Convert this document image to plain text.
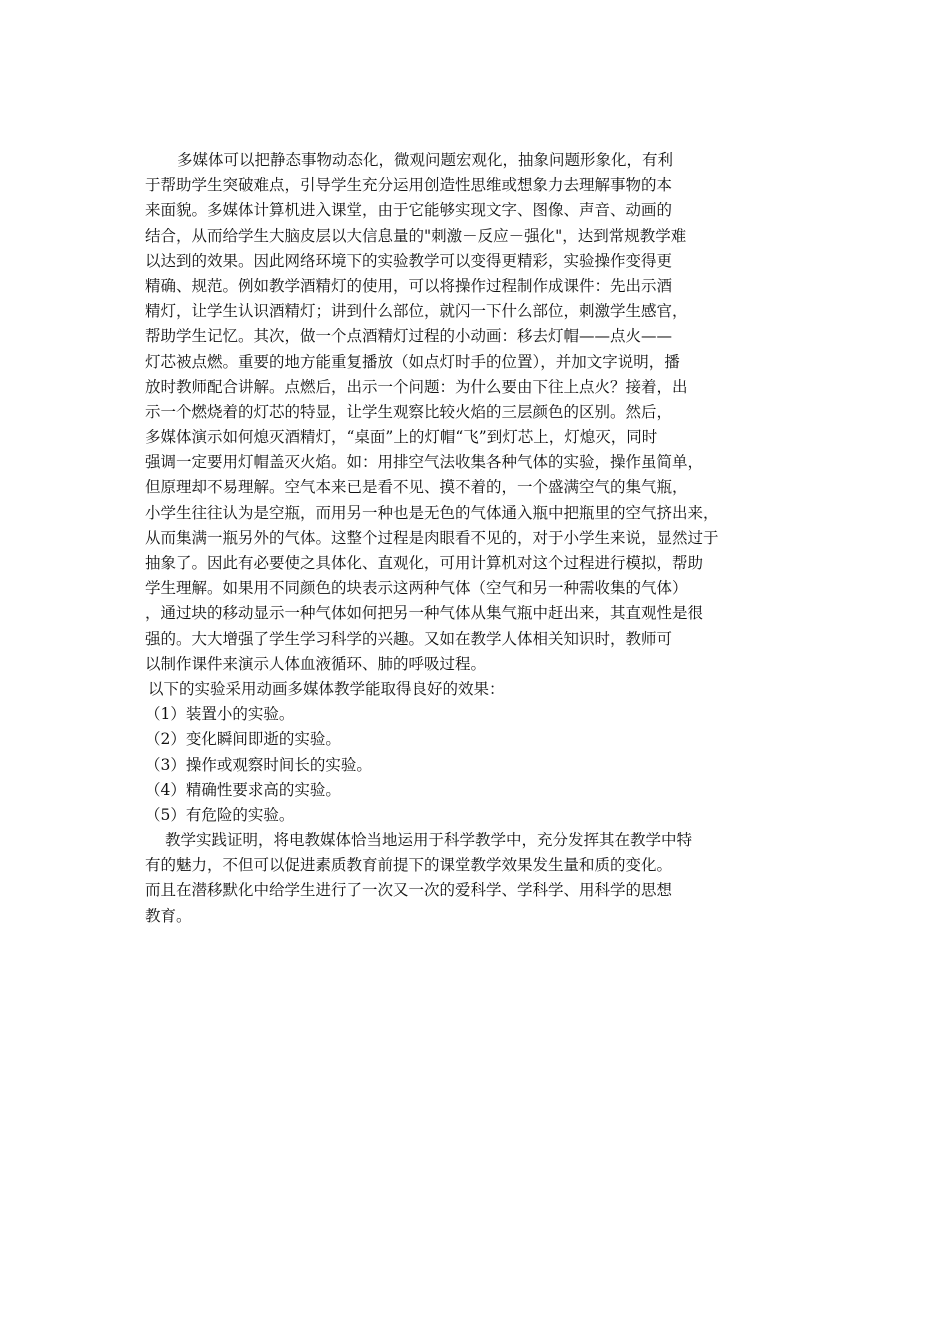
多媒体可以把静态事物动态化，微观问题宏观化，抽象问题形象化，有利
于帮助学生突破难点，引导学生充分运用创造性思维或想象力去理解事物的本
来面貌。多媒体计算机进入课堂，由于它能够实现文字、图像、声音、动画的
结合，从而给学生大脑皮层以大信息量的"刺激－反应－强化"，达到常规教学难
以达到的效果。因此网络环境下的实验教学可以变得更精彩，实验操作变得更
精确、规范。例如教学酒精灯的使用，可以将操作过程制作成课件：先出示酒
精灯，让学生认识酒精灯；讲到什么部位，就闪一下什么部位，刺激学生感官，
帮助学生记忆。其次，做一个点酒精灯过程的小动画：移去灯帽——点火——
灯芯被点燃。重要的地方能重复播放（如点灯时手的位置），并加文字说明，播
放时教师配合讲解。点燃后，出示一个问题：为什么要由下往上点火？接着，出
示一个燃烧着的灯芯的特显，让学生观察比较火焰的三层颜色的区别。然后，
多媒体演示如何熄灭酒精灯，“桌面”上的灯帽“飞”到灯芯上，灯熄灭，同时
强调一定要用灯帽盖灭火焰。如：用排空气法收集各种气体的实验，操作虽简单，
但原理却不易理解。空气本来已是看不见、摸不着的，一个盛满空气的集气瓶，
小学生往往认为是空瓶，而用另一种也是无色的气体通入瓶中把瓶里的空气挤出来，
从而集满一瓶另外的气体。这整个过程是肉眼看不见的，对于小学生来说，显然过于
抽象了。因此有必要使之具体化、直观化，可用计算机对这个过程进行模拟，帮助
学生理解。如果用不同颜色的块表示这两种气体（空气和另一种需收集的气体）
，通过块的移动显示一种气体如何把另一种气体从集气瓶中赶出来，其直观性是很
强的。大大增强了学生学习科学的兴趣。又如在教学人体相关知识时，教师可
以制作课件来演示人体血液循环、肺的呼吸过程。
以下的实验采用动画多媒体教学能取得良好的效果：
（1）装置小的实验。
（2）变化瞬间即逝的实验。
（3）操作或观察时间长的实验。
（4）精确性要求高的实验。
（5）有危险的实验。
教学实践证明，将电教媒体恰当地运用于科学教学中，充分发挥其在教学中特
有的魅力，不但可以促进素质教育前提下的课堂教学效果发生量和质的变化。
而且在潜移默化中给学生进行了一次又一次的爱科学、学科学、用科学的思想
教育。
